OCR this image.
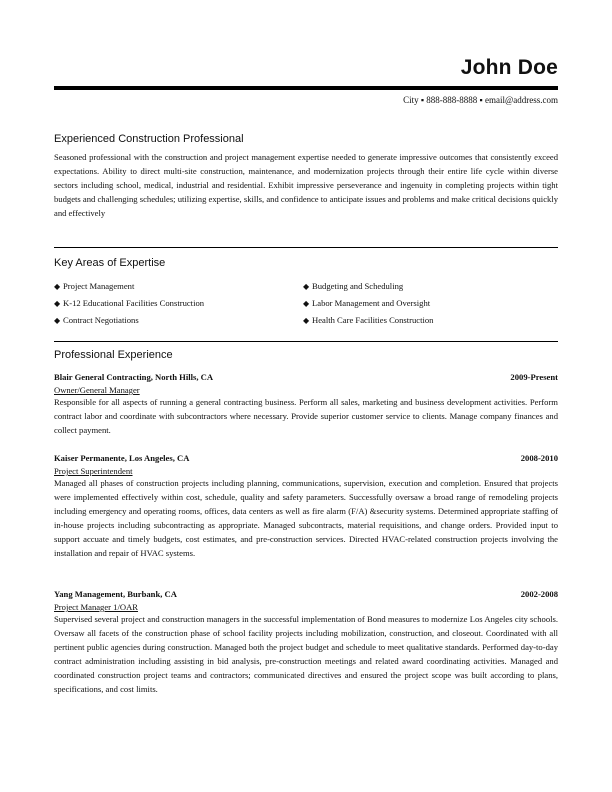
John Doe
City ▪ 888-888-8888 ▪ email@address.com
Experienced Construction Professional
Seasoned professional with the construction and project management expertise needed to generate impressive outcomes that consistently exceed expectations. Ability to direct multi-site construction, maintenance, and modernization projects through their entire life cycle within diverse sectors including school, medical, industrial and residential. Exhibit impressive perseverance and ingenuity in completing projects within tight budgets and challenging schedules; utilizing expertise, skills, and confidence to anticipate issues and problems and make critical decisions quickly and effectively
Key Areas of Expertise
◆ Project Management
◆ K-12 Educational Facilities Construction
◆ Contract Negotiations
◆ Budgeting and Scheduling
◆ Labor Management and Oversight
◆ Health Care Facilities Construction
Professional Experience
Blair General Contracting, North Hills, CA	2009-Present
Owner/General Manager
Responsible for all aspects of running a general contracting business. Perform all sales, marketing and business development activities. Perform contract labor and coordinate with subcontractors where necessary. Provide superior customer service to clients. Manage company finances and collect payment.
Kaiser Permanente, Los Angeles, CA	2008-2010
Project Superintendent
Managed all phases of construction projects including planning, communications, supervision, execution and completion. Ensured that projects were implemented effectively within cost, schedule, quality and safety parameters. Successfully oversaw a broad range of remodeling projects including emergency and operating rooms, offices, data centers as well as fire alarm (F/A) &security systems. Determined appropriate staffing of in-house projects including subcontracting as appropriate. Managed subcontracts, material requisitions, and change orders. Provided input to support accuate and timely budgets, cost estimates, and pre-construction services. Directed HVAC-related construction projects involving the installation and repair of HVAC systems.
Yang Management, Burbank, CA	2002-2008
Project Manager 1/OAR
Supervised several project and construction managers in the successful implementation of Bond measures to modernize Los Angeles city schools. Oversaw all facets of the construction phase of school facility projects including mobilization, construction, and closeout. Coordinated with all pertinent public agencies during construction. Managed both the project budget and schedule to meet qualitative standards. Performed day-to-day contract administration including assisting in bid analysis, pre-construction meetings and related award coordinating activities. Managed and coordinated construction project teams and contractors; communicated directives and ensured the project scope was built according to plans, specifications, and cost limits.
